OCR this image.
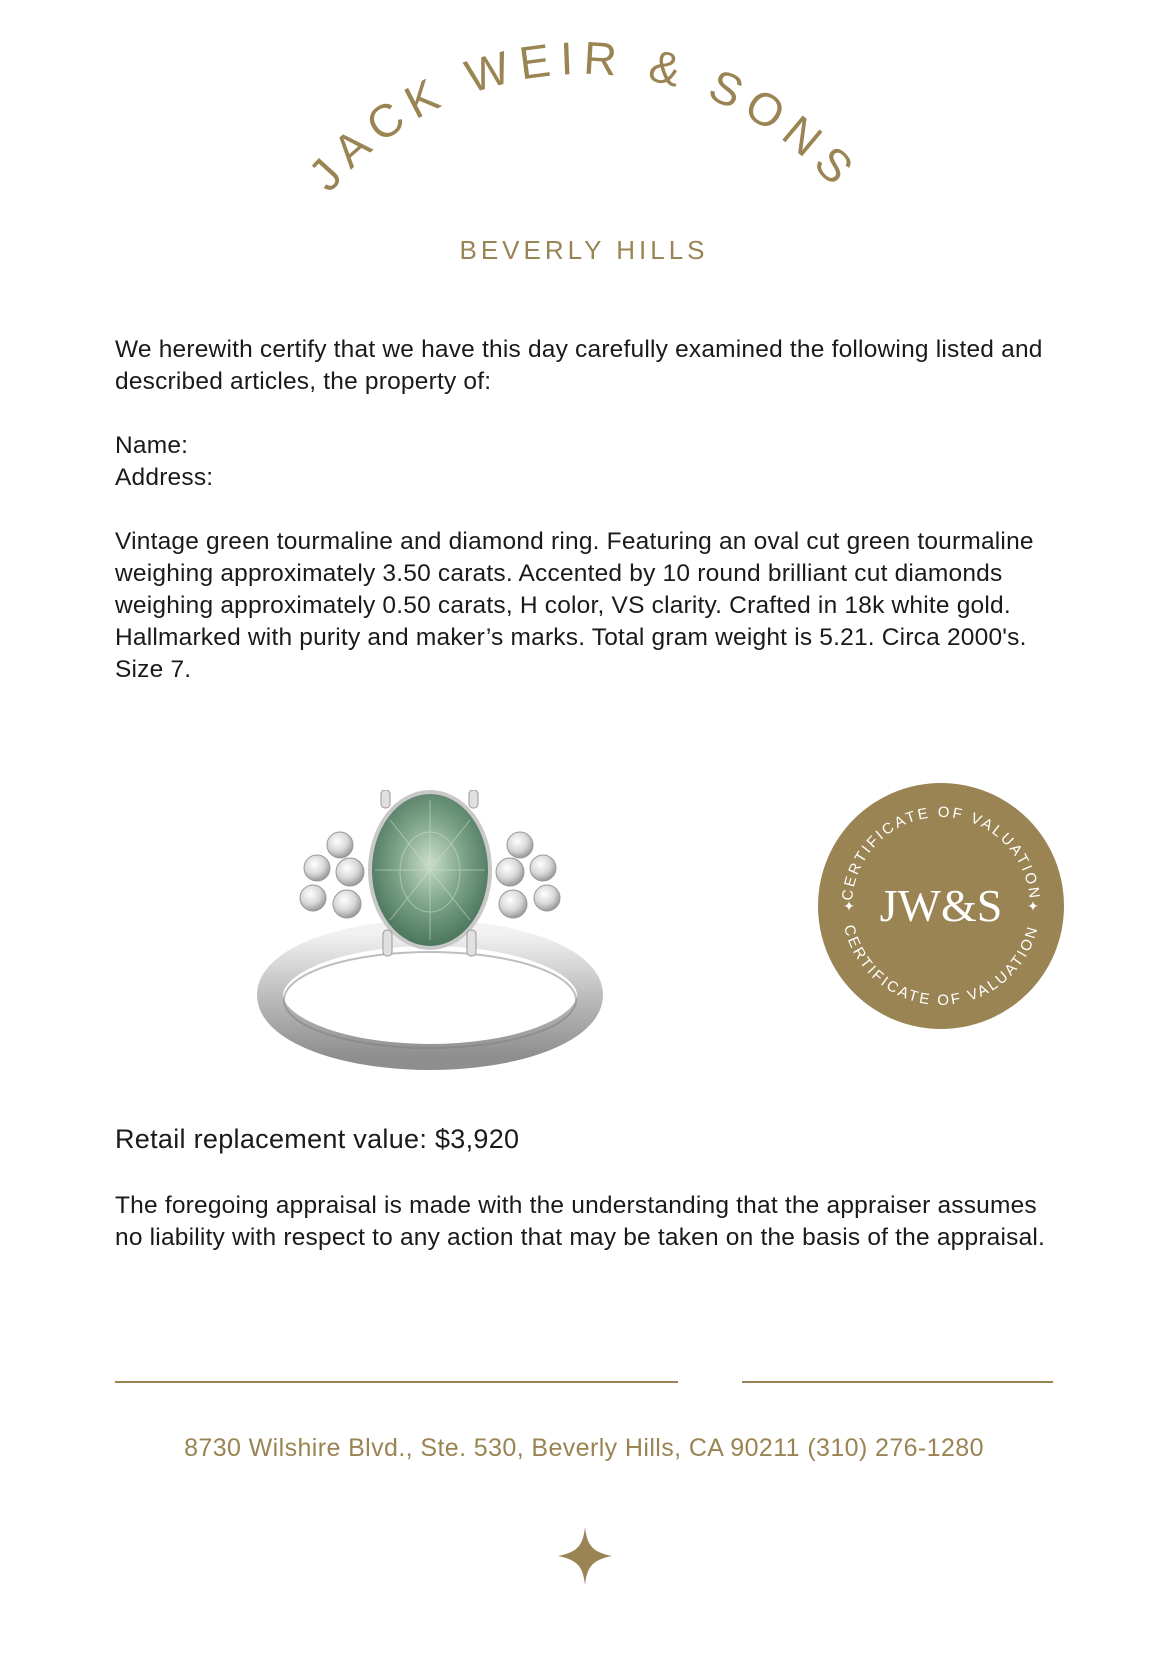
JACK WEIR & SONS
BEVERLY HILLS

We herewith certify that we have this day carefully examined the following listed and described articles, the property of:

Name:
Address:

Vintage green tourmaline and diamond ring. Featuring an oval cut green tourmaline weighing approximately 3.50 carats. Accented by 10 round brilliant cut diamonds weighing approximately 0.50 carats, H color, VS clarity. Crafted in 18k white gold. Hallmarked with purity and maker’s marks. Total gram weight is 5.21. Circa 2000's. Size 7.

CERTIFICATE OF VALUATION
CERTIFICATE OF VALUATION
JW&S
✦	✦

Retail replacement value: $3,920

The foregoing appraisal is made with the understanding that the appraiser assumes no liability with respect to any action that may be taken on the basis of the appraisal.

8730 Wilshire Blvd., Ste. 530, Beverly Hills, CA 90211 (310) 276-1280
